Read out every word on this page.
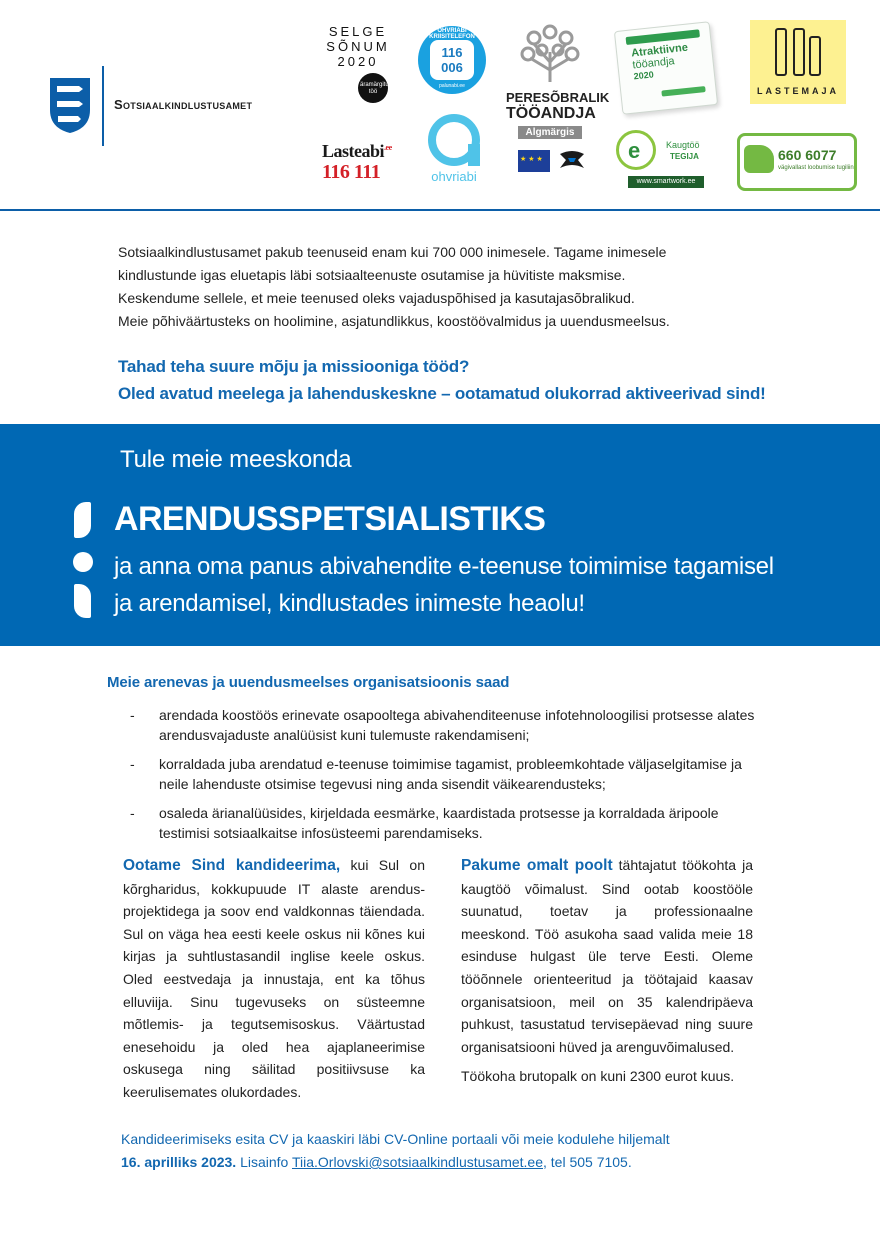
Sotsiaalkindlustusamet
SELGE
SÕNUM
2020
äramärgitud töö
OHVRIABI KRIISITELEFON
116
006
palunabi.ee
PERESÕBRALIK
TÖÖANDJA
Algmärgis
Atraktiivne
tööandja
2020
LASTEMAJA
Lasteabi$^{.ee}$
116 111	ohvriabi
★ ★ ★
e	Kaugtöö
TEGIJA
www.smartwork.ee
660 6077
vägivallast loobumise tugiliin
Sotsiaalkindlustusamet pakub teenuseid enam kui 700 000 inimesele. Tagame inimesele
kindlustunde igas eluetapis läbi sotsiaalteenuste osutamise ja hüvitiste maksmise.
Keskendume sellele, et meie teenused oleks vajaduspõhised ja kasutajasõbralikud.
Meie põhiväärtusteks on hoolimine, asjatundlikkus, koostöövalmidus ja uuendusmeelsus.
Tahad teha suure mõju ja missiooniga tööd?
Oled avatud meelega ja lahenduskeskne – ootamatud olukorrad aktiveerivad sind!
Tule meie meeskonda
ARENDUSSPETSIALISTIKS
ja anna oma panus abivahendite e-teenuse toimimise tagamisel
ja arendamisel, kindlustades inimeste heaolu!
Meie arenevas ja uuendusmeelses organisatsioonis saad
- arendada koostöös erinevate osapooltega abivahenditeenuse infotehnoloogilisi protsesse alates arendusvajaduste analüüsist kuni tulemuste rakendamiseni;
- korraldada juba arendatud e-teenuse toimimise tagamist, probleemkohtade väljaselgitamise ja neile lahenduste otsimise tegevusi ning anda sisendit väikearendusteks;
- osaleda ärianalüüsides, kirjeldada eesmärke, kaardistada protsesse ja korraldada äripoole testimisi sotsiaalkaitse infosüsteemi parendamiseks.
Ootame Sind kandideerima, kui Sul on kõrgharidus, kokkupuude IT alaste arendus-projektidega ja soov end valdkonnas täiendada. Sul on väga hea eesti keele oskus nii kõnes kui kirjas ja suhtlustasandil inglise keele oskus. Oled eestvedaja ja innustaja, ent ka tõhus elluviija. Sinu tugevuseks on süsteemne mõtlemis- ja tegutsemisoskus. Väärtustad enesehoidu ja oled hea ajaplaneerimise oskusega ning säilitad positiivsuse ka keerulisemates olukordades.
Pakume omalt poolt tähtajatut töökohta ja kaugtöö võimalust. Sind ootab koostööle suunatud, toetav ja professionaalne meeskond. Töö asukoha saad valida meie 18 esinduse hulgast üle terve Eesti. Oleme tööõnnele orienteeritud ja töötajaid kaasav organisatsioon, meil on 35 kalendripäeva puhkust, tasustatud tervisepäevad ning suure organisatsiooni hüved ja arenguvõimalused.
Töökoha brutopalk on kuni 2300 eurot kuus.
Kandideerimiseks esita CV ja kaaskiri läbi CV-Online portaali või meie kodulehe hiljemalt
16. aprilliks 2023. Lisainfo Tiia.Orlovski@sotsiaalkindlustusamet.ee, tel 505 7105.
